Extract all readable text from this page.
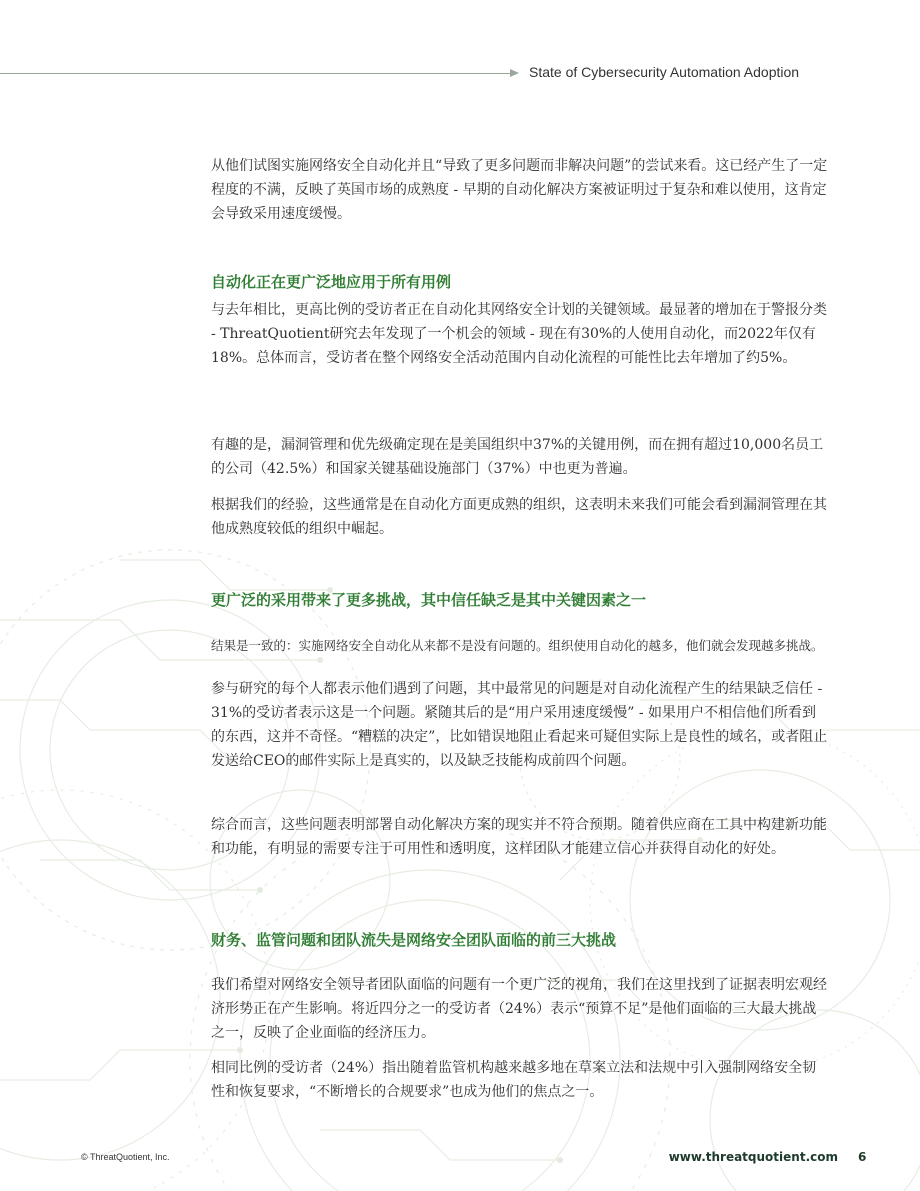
State of Cybersecurity Automation Adoption

从他们试图实施网络安全自动化并且“导致了更多问题而非解决问题”的尝试来看。这已经产生了一定程度的不满，反映了英国市场的成熟度 - 早期的自动化解决方案被证明过于复杂和难以使用，这肯定会导致采用速度缓慢。

自动化正在更广泛地应用于所有用例

与去年相比，更高比例的受访者正在自动化其网络安全计划的关键领域。最显著的增加在于警报分类 - ThreatQuotient研究去年发现了一个机会的领域 - 现在有30%的人使用自动化，而2022年仅有18%。总体而言，受访者在整个网络安全活动范围内自动化流程的可能性比去年增加了约5%。

有趣的是，漏洞管理和优先级确定现在是美国组织中37%的关键用例，而在拥有超过10,000名员工的公司（42.5%）和国家关键基础设施部门（37%）中也更为普遍。

根据我们的经验，这些通常是在自动化方面更成熟的组织，这表明未来我们可能会看到漏洞管理在其他成熟度较低的组织中崛起。

更广泛的采用带来了更多挑战，其中信任缺乏是其中关键因素之一

结果是一致的：实施网络安全自动化从来都不是没有问题的。组织使用自动化的越多，他们就会发现越多挑战。

参与研究的每个人都表示他们遇到了问题，其中最常见的问题是对自动化流程产生的结果缺乏信任 - 31%的受访者表示这是一个问题。紧随其后的是“用户采用速度缓慢” - 如果用户不相信他们所看到的东西，这并不奇怪。“糟糕的决定”，比如错误地阻止看起来可疑但实际上是良性的域名，或者阻止发送给CEO的邮件实际上是真实的，以及缺乏技能构成前四个问题。

综合而言，这些问题表明部署自动化解决方案的现实并不符合预期。随着供应商在工具中构建新功能和功能，有明显的需要专注于可用性和透明度，这样团队才能建立信心并获得自动化的好处。

财务、监管问题和团队流失是网络安全团队面临的前三大挑战

我们希望对网络安全领导者团队面临的问题有一个更广泛的视角，我们在这里找到了证据表明宏观经济形势正在产生影响。将近四分之一的受访者（24%）表示“预算不足”是他们面临的三大最大挑战之一，反映了企业面临的经济压力。

相同比例的受访者（24%）指出随着监管机构越来越多地在草案立法和法规中引入强制网络安全韧性和恢复要求，“不断增长的合规要求”也成为他们的焦点之一。

© ThreatQuotient, Inc.	www.threatquotient.com 6
